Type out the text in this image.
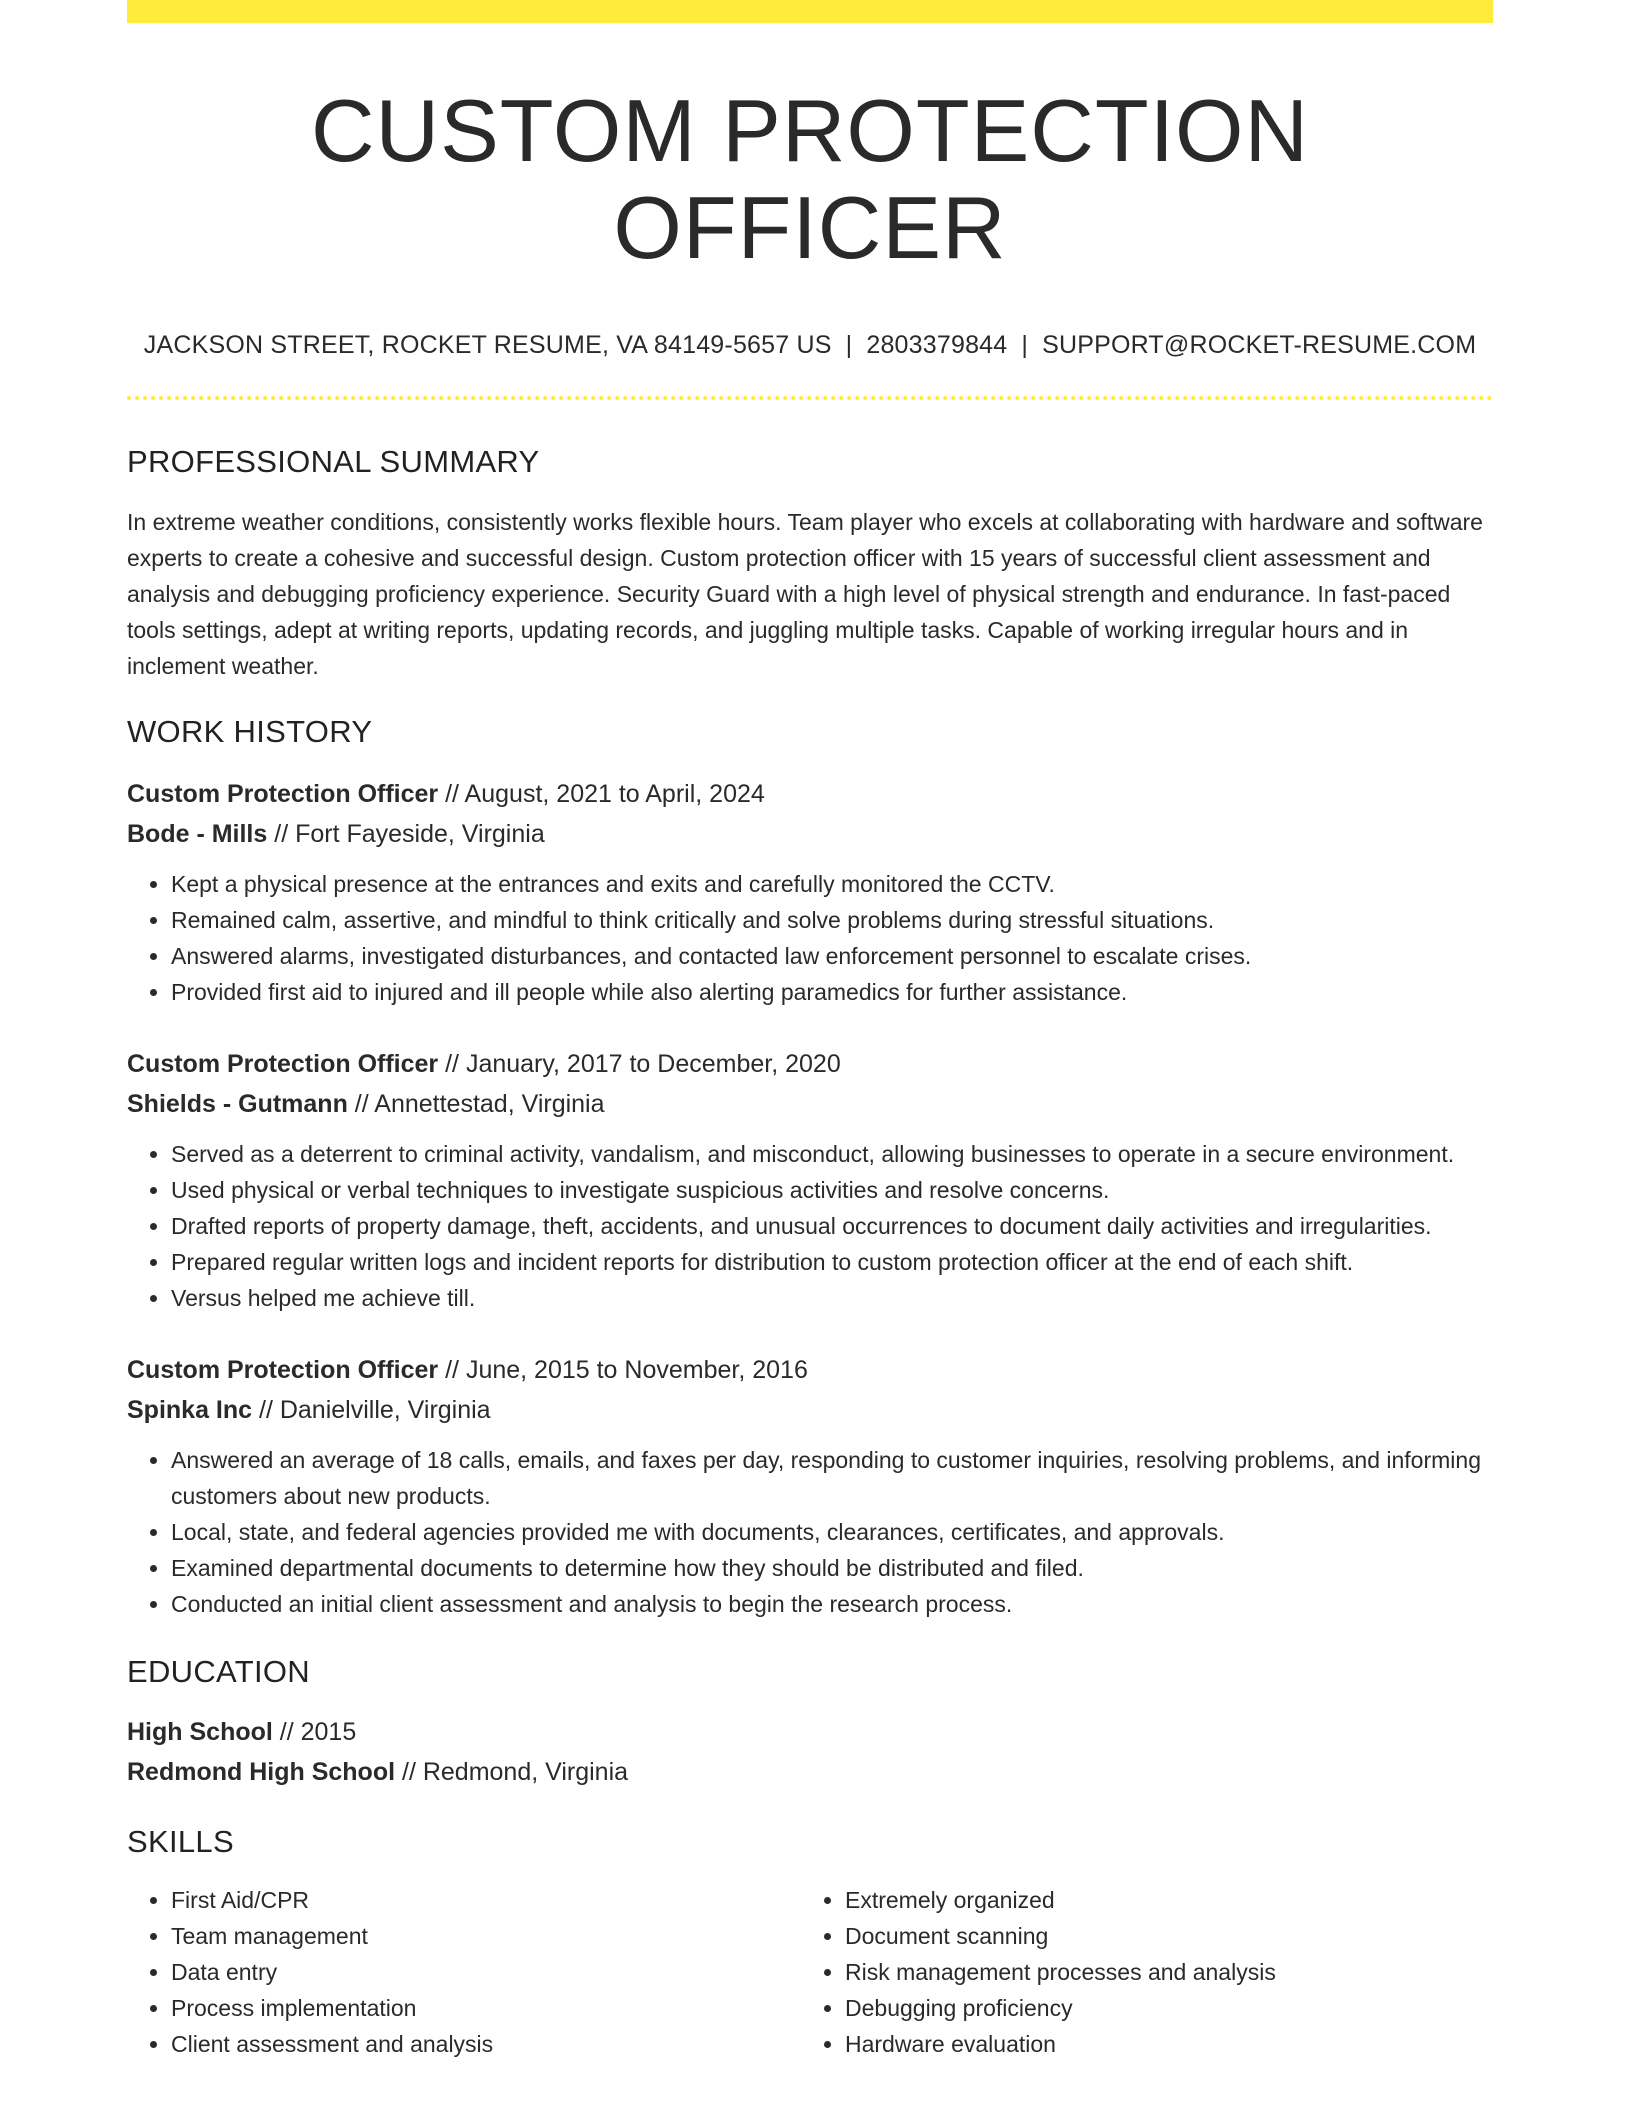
CUSTOM PROTECTION OFFICER
JACKSON STREET, ROCKET RESUME, VA 84149-5657 US | 2803379844 | SUPPORT@ROCKET-RESUME.COM
PROFESSIONAL SUMMARY
In extreme weather conditions, consistently works flexible hours. Team player who excels at collaborating with hardware and software experts to create a cohesive and successful design. Custom protection officer with 15 years of successful client assessment and analysis and debugging proficiency experience. Security Guard with a high level of physical strength and endurance. In fast-paced tools settings, adept at writing reports, updating records, and juggling multiple tasks. Capable of working irregular hours and in inclement weather.
WORK HISTORY
Custom Protection Officer // August, 2021 to April, 2024
Bode - Mills // Fort Fayeside, Virginia
• Kept a physical presence at the entrances and exits and carefully monitored the CCTV.
• Remained calm, assertive, and mindful to think critically and solve problems during stressful situations.
• Answered alarms, investigated disturbances, and contacted law enforcement personnel to escalate crises.
• Provided first aid to injured and ill people while also alerting paramedics for further assistance.
Custom Protection Officer // January, 2017 to December, 2020
Shields - Gutmann // Annettestad, Virginia
• Served as a deterrent to criminal activity, vandalism, and misconduct, allowing businesses to operate in a secure environment.
• Used physical or verbal techniques to investigate suspicious activities and resolve concerns.
• Drafted reports of property damage, theft, accidents, and unusual occurrences to document daily activities and irregularities.
• Prepared regular written logs and incident reports for distribution to custom protection officer at the end of each shift.
• Versus helped me achieve till.
Custom Protection Officer // June, 2015 to November, 2016
Spinka Inc // Danielville, Virginia
• Answered an average of 18 calls, emails, and faxes per day, responding to customer inquiries, resolving problems, and informing customers about new products.
• Local, state, and federal agencies provided me with documents, clearances, certificates, and approvals.
• Examined departmental documents to determine how they should be distributed and filed.
• Conducted an initial client assessment and analysis to begin the research process.
EDUCATION
High School // 2015
Redmond High School // Redmond, Virginia
SKILLS
• First Aid/CPR
• Team management
• Data entry
• Process implementation
• Client assessment and analysis
• Extremely organized
• Document scanning
• Risk management processes and analysis
• Debugging proficiency
• Hardware evaluation
